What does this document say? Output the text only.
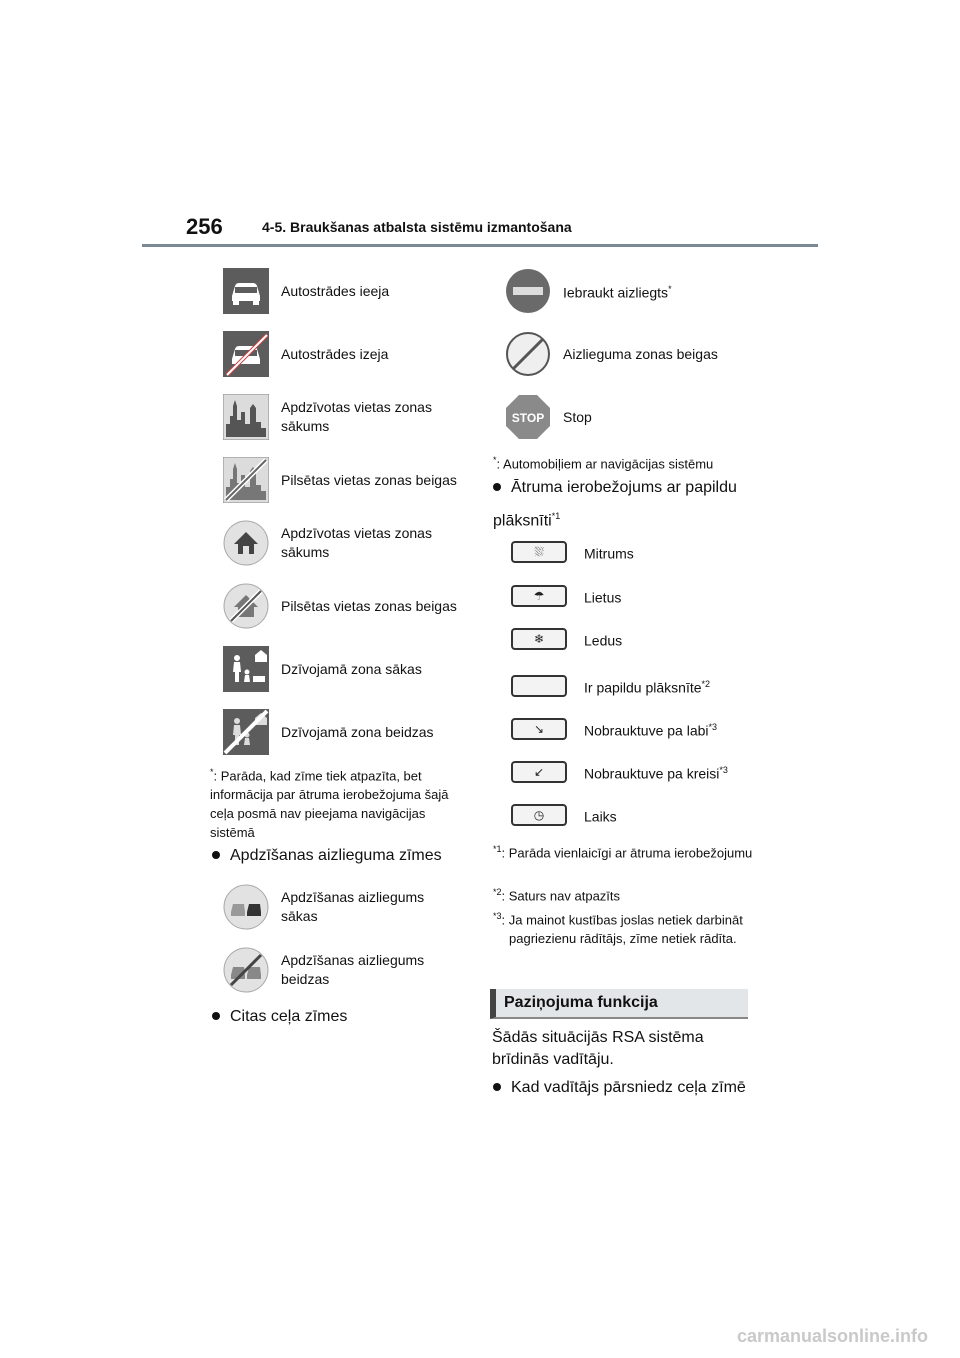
256	4-5. Braukšanas atbalsta sistēmu izmantošana
Autostrādes ieeja
Autostrādes izeja
Apdzīvotas vietas zonas sākums
Pilsētas vietas zonas beigas
Apdzīvotas vietas zonas sākums
Pilsētas vietas zonas beigas
Dzīvojamā zona sākas
Dzīvojamā zona beidzas
*: Parāda, kad zīme tiek atpazīta, bet informācija par ātruma ierobežojuma šajā ceļa posmā nav pieejama navigācijas sistēmā
Apdzīšanas aizlieguma zīmes
Apdzīšanas aizliegums sākas
Apdzīšanas aizliegums beidzas
Citas ceļa zīmes
Iebraukt aizliegts*
Aizlieguma zonas beigas
STOP Stop
*: Automobiļiem ar navigācijas sistēmu
Ātruma ierobežojums ar papildu plāksnīti$^{*1}$
⛆	Mitrums
☂	Lietus
❄	Ledus
Ir papildu plāksnīte$^{*2}$
↘	Nobrauktuve pa labi$^{*3}$
↙	Nobrauktuve pa kreisi$^{*3}$
◷	Laiks
$^{*1}$: Parāda vienlaicīgi ar ātruma ierobežojumu
$^{*2}$: Saturs nav atpazīts
$^{*3}$: Ja mainot kustības joslas netiek darbināt pagriezienu rādītājs, zīme netiek rādīta.
Paziņojuma funkcija
Šādās situācijās RSA sistēma brīdinās vadītāju.
Kad vadītājs pārsniedz ceļa zīmē
carmanualsonline.info
